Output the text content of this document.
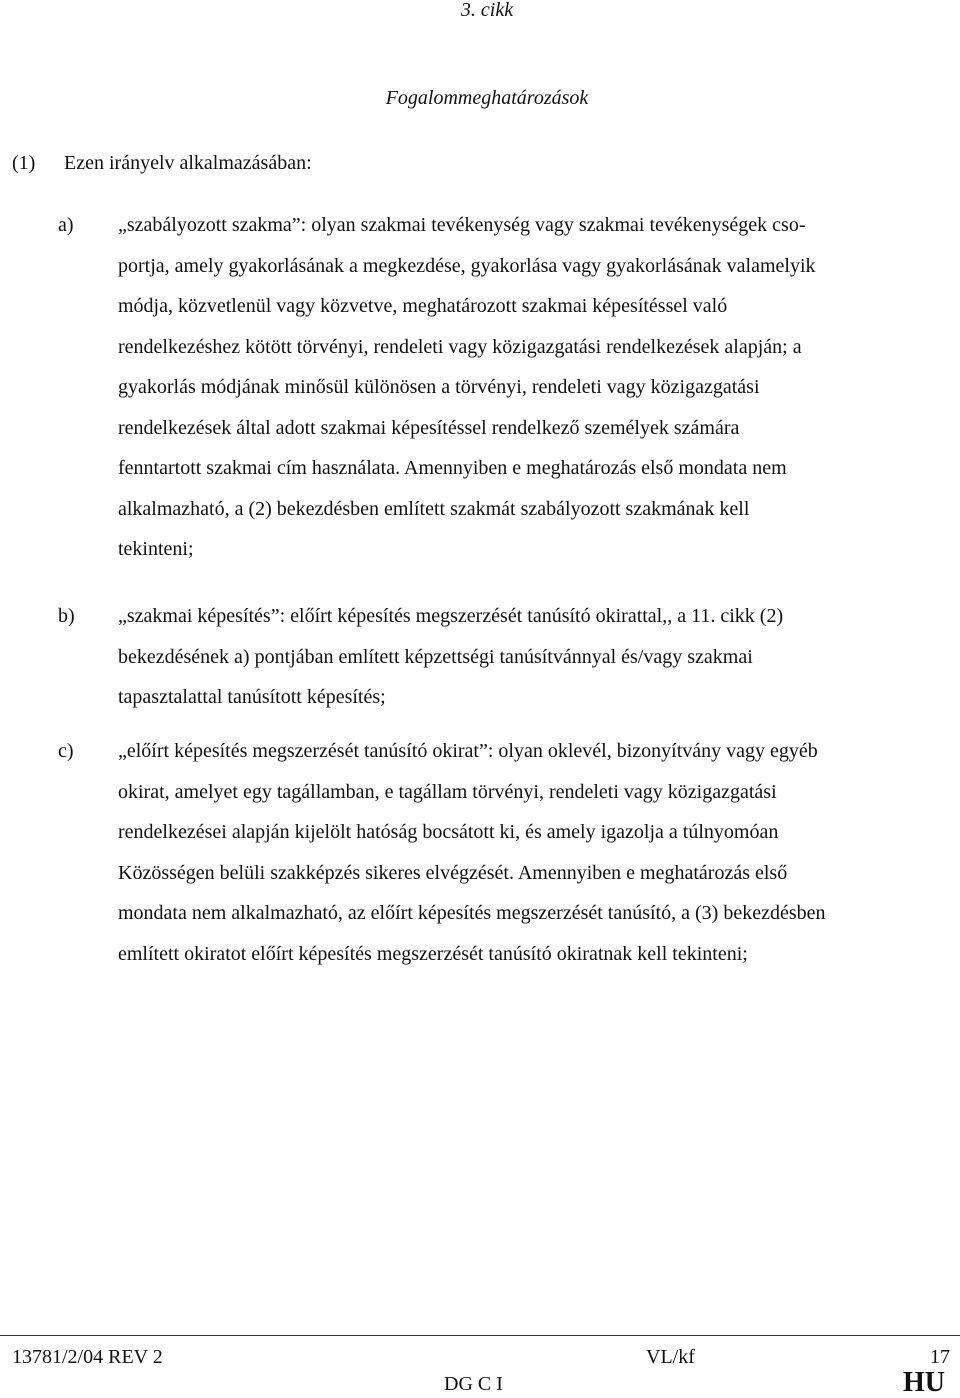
3. cikk
Fogalommeghatározások
(1) Ezen irányelv alkalmazásában:
a) „szabályozott szakma”: olyan szakmai tevékenység vagy szakmai tevékenységek cso-
portja, amely gyakorlásának a megkezdése, gyakorlása vagy gyakorlásának valamelyik
módja, közvetlenül vagy közvetve, meghatározott szakmai képesítéssel való
rendelkezéshez kötött törvényi, rendeleti vagy közigazgatási rendelkezések alapján; a
gyakorlás módjának minősül különösen a törvényi, rendeleti vagy közigazgatási
rendelkezések által adott szakmai képesítéssel rendelkező személyek számára
fenntartott szakmai cím használata. Amennyiben e meghatározás első mondata nem
alkalmazható, a (2) bekezdésben említett szakmát szabályozott szakmának kell
tekinteni;
b) „szakmai képesítés”: előírt képesítés megszerzését tanúsító okirattal,, a 11. cikk (2)
bekezdésének a) pontjában említett képzettségi tanúsítvánnyal és/vagy szakmai
tapasztalattal tanúsított képesítés;
c) „előírt képesítés megszerzését tanúsító okirat”: olyan oklevél, bizonyítvány vagy egyéb
okirat, amelyet egy tagállamban, e tagállam törvényi, rendeleti vagy közigazgatási
rendelkezései alapján kijelölt hatóság bocsátott ki, és amely igazolja a túlnyomóan
Közösségen belüli szakképzés sikeres elvégzését. Amennyiben e meghatározás első
mondata nem alkalmazható, az előírt képesítés megszerzését tanúsító, a (3) bekezdésben
említett okiratot előírt képesítés megszerzését tanúsító okiratnak kell tekinteni;
13781/2/04 REV 2	VL/kf	17
DG C I	HU
